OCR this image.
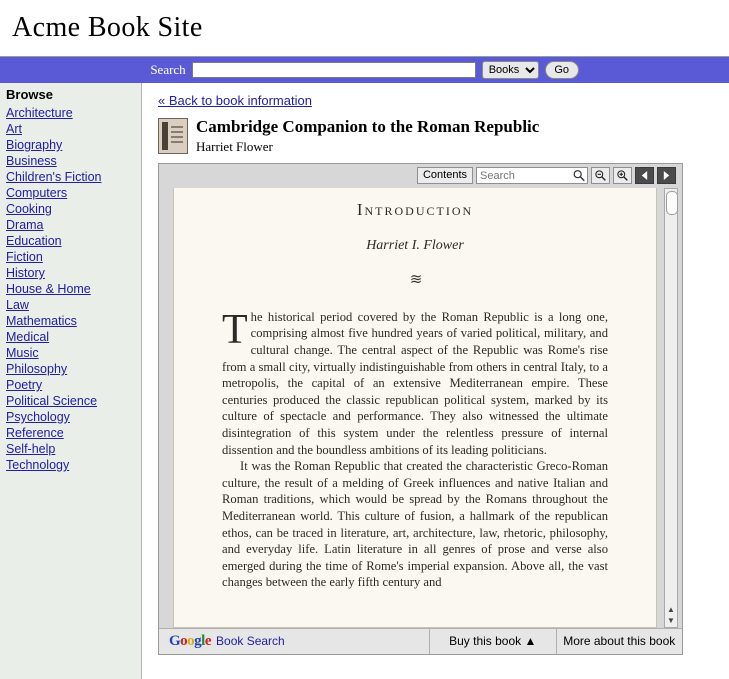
Acme Book Site
Search
Books	Go
Browse
Architecture
Art
Biography
Business
Children's Fiction
Computers
Cooking
Drama
Education
Fiction
History
House & Home
Law
Mathematics
Medical
Music
Philosophy
Poetry
Political Science
Psychology
Reference
Self-help
Technology
« Back to book information
Cambridge Companion to the Roman Republic
Harriet Flower
Contents
Search
Introduction
Harriet I. Flower
≋

The historical period covered by the Roman Republic is a long one, comprising almost five hundred years of varied political, military, and cultural change. The central aspect of the Republic was Rome's rise from a small city, virtually indistinguishable from others in central Italy, to a metropolis, the capital of an extensive Mediterranean empire. These centuries produced the classic republican political system, marked by its culture of spectacle and performance. They also witnessed the ultimate disintegration of this system under the relentless pressure of internal dissention and the boundless ambitions of its leading politicians.

It was the Roman Republic that created the characteristic Greco-Roman culture, the result of a melding of Greek influences and native Italian and Roman traditions, which would be spread by the Romans throughout the Mediterranean world. This culture of fusion, a hallmark of the republican ethos, can be traced in literature, art, architecture, law, rhetoric, philosophy, and everyday life. Latin literature in all genres of prose and verse also emerged during the time of Rome's imperial expansion. Above all, the vast changes between the early fifth century and

▲
▼
Google Book Search	Buy this book ▲	More about this book
